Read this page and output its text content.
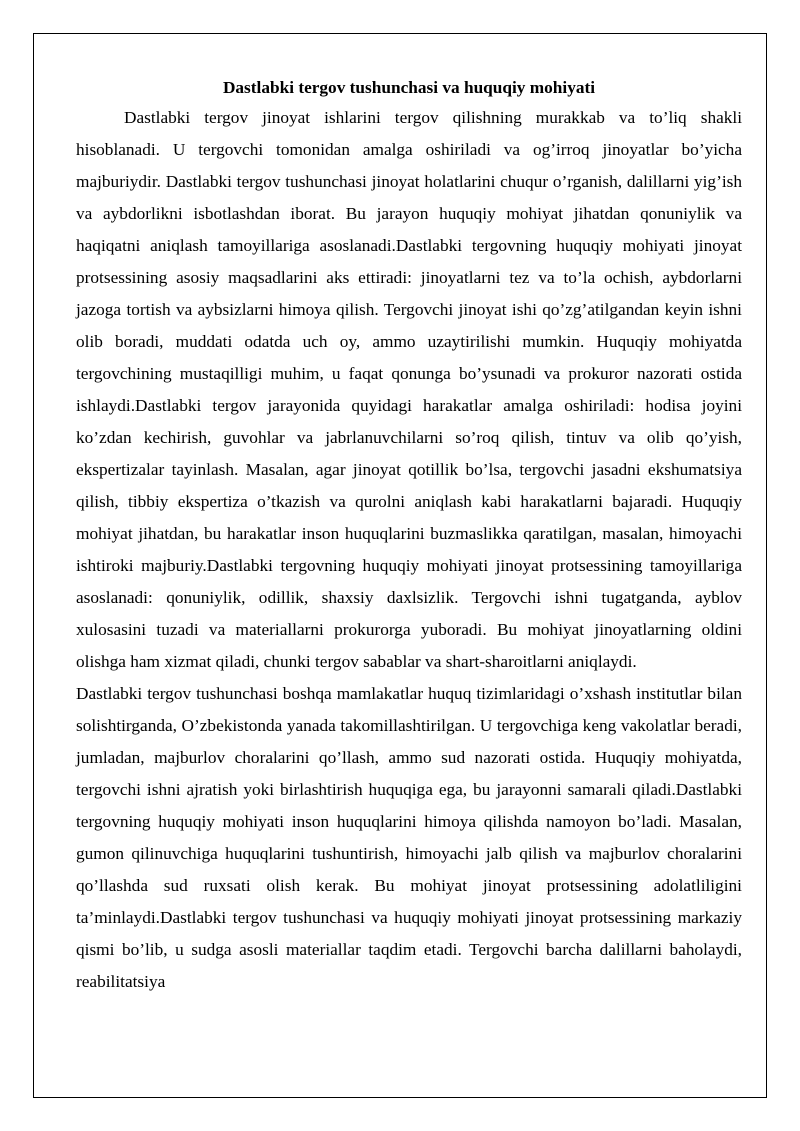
Dastlabki tergov tushunchasi va huquqiy mohiyati

Dastlabki tergov jinoyat ishlarini tergov qilishning murakkab va to’liq shakli hisoblanadi. U tergovchi tomonidan amalga oshiriladi va og’irroq jinoyatlar bo’yicha majburiydir. Dastlabki tergov tushunchasi jinoyat holatlarini chuqur o’rganish, dalillarni yig’ish va aybdorlikni isbotlashdan iborat. Bu jarayon huquqiy mohiyat jihatdan qonuniylik va haqiqatni aniqlash tamoyillariga asoslanadi.Dastlabki tergovning huquqiy mohiyati jinoyat protsessining asosiy maqsadlarini aks ettiradi: jinoyatlarni tez va to’la ochish, aybdorlarni jazoga tortish va aybsizlarni himoya qilish. Tergovchi jinoyat ishi qo’zg’atilgandan keyin ishni olib boradi, muddati odatda uch oy, ammo uzaytirilishi mumkin. Huquqiy mohiyatda tergovchining mustaqilligi muhim, u faqat qonunga bo’ysunadi va prokuror nazorati ostida ishlaydi.Dastlabki tergov jarayonida quyidagi harakatlar amalga oshiriladi: hodisa joyini ko’zdan kechirish, guvohlar va jabrlanuvchilarni so’roq qilish, tintuv va olib qo’yish, ekspertizalar tayinlash. Masalan, agar jinoyat qotillik bo’lsa, tergovchi jasadni ekshumatsiya qilish, tibbiy ekspertiza o’tkazish va qurolni aniqlash kabi harakatlarni bajaradi. Huquqiy mohiyat jihatdan, bu harakatlar inson huquqlarini buzmaslikka qaratilgan, masalan, himoyachi ishtiroki majburiy.Dastlabki tergovning huquqiy mohiyati jinoyat protsessining tamoyillariga asoslanadi: qonuniylik, odillik, shaxsiy daxlsizlik. Tergovchi ishni tugatganda, ayblov xulosasini tuzadi va materiallarni prokurorga yuboradi. Bu mohiyat jinoyatlarning oldini olishga ham xizmat qiladi, chunki tergov sabablar va shart-sharoitlarni aniqlaydi.

Dastlabki tergov tushunchasi boshqa mamlakatlar huquq tizimlaridagi o’xshash institutlar bilan solishtirganda, O’zbekistonda yanada takomillashtirilgan. U tergovchiga keng vakolatlar beradi, jumladan, majburlov choralarini qo’llash, ammo sud nazorati ostida. Huquqiy mohiyatda, tergovchi ishni ajratish yoki birlashtirish huquqiga ega, bu jarayonni samarali qiladi.Dastlabki tergovning huquqiy mohiyati inson huquqlarini himoya qilishda namoyon bo’ladi. Masalan, gumon qilinuvchiga huquqlarini tushuntirish, himoyachi jalb qilish va majburlov choralarini qo’llashda sud ruxsati olish kerak. Bu mohiyat jinoyat protsessining adolatliligini ta’minlaydi.Dastlabki tergov tushunchasi va huquqiy mohiyati jinoyat protsessining markaziy qismi bo’lib, u sudga asosli materiallar taqdim etadi. Tergovchi barcha dalillarni baholaydi, reabilitatsiya
